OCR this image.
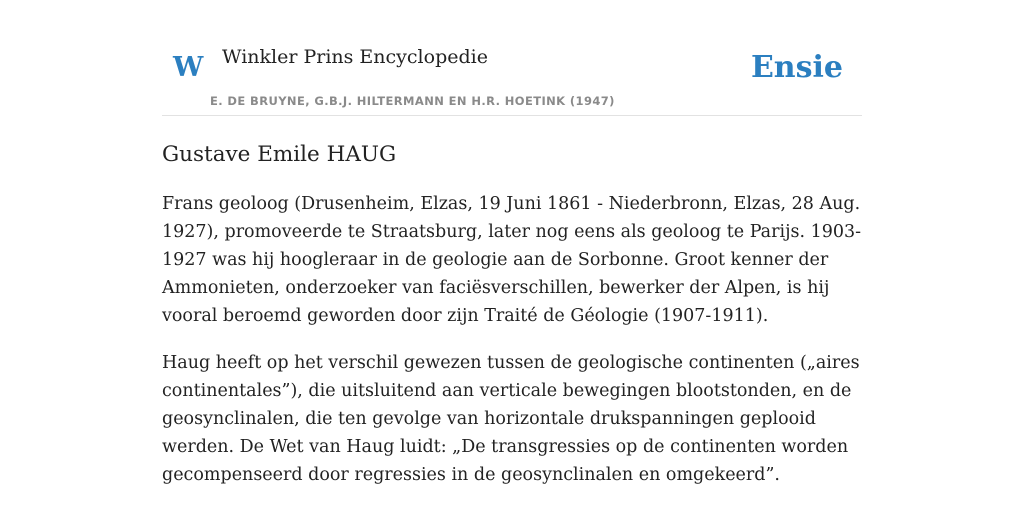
W Winkler Prins Encyclopedie
E. DE BRUYNE, G.B.J. HILTERMANN EN H.R. HOETINK (1947)
Ensie
Gustave Emile HAUG

Frans geoloog (Drusenheim, Elzas, 19 Juni 1861 - Niederbronn, Elzas, 28 Aug. 1927), promoveerde te Straatsburg, later nog eens als geoloog te Parijs. 1903-1927 was hij hoogleraar in de geologie aan de Sorbonne. Groot kenner der Ammonieten, onderzoeker van faciësverschillen, bewerker der Alpen, is hij vooral beroemd geworden door zijn Traité de Géologie (1907-1911).

Haug heeft op het verschil gewezen tussen de geologische continenten („aires continentales”), die uitsluitend aan verticale bewegingen blootstonden, en de geosynclinalen, die ten gevolge van horizontale drukspanningen geplooid werden. De Wet van Haug luidt: „De transgressies op de continenten worden gecompenseerd door regressies in de geosynclinalen en omgekeerd”.
